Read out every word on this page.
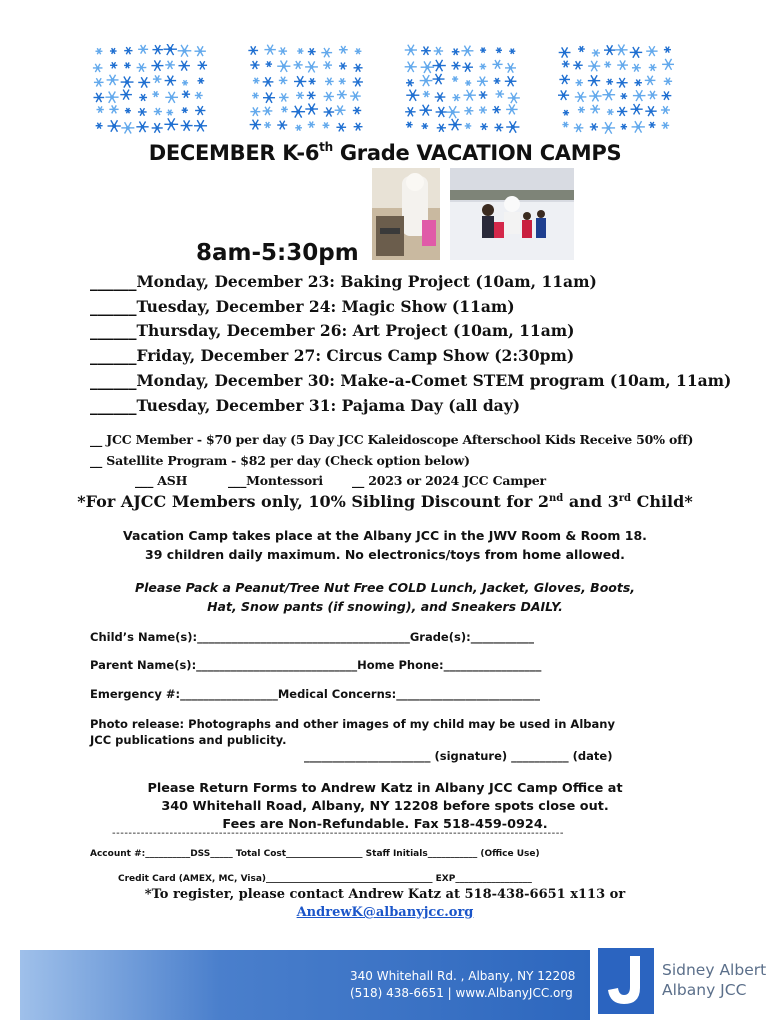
DECEMBER K-6th Grade VACATION CAMPS
8am-5:30pm
______Monday, December 23: Baking Project (10am, 11am)
______Tuesday, December 24: Magic Show (11am)
______Thursday, December 26: Art Project (10am, 11am)
______Friday, December 27: Circus Camp Show (2:30pm)
______Monday, December 30: Make-a-Comet STEM program (10am, 11am)
______Tuesday, December 31: Pajama Day (all day)
__ JCC Member - $70 per day (5 Day JCC Kaleidoscope Afterschool Kids Receive 50% off)
__ Satellite Program - $82 per day (Check option below)
___ ASH	___Montessori __ 2023 or 2024 JCC Camper
*For AJCC Members only, 10% Sibling Discount for 2nd and 3rd Child*
Vacation Camp takes place at the Albany JCC in the JWV Room & Room 18.
39 children daily maximum. No electronics/toys from home allowed.
Please Pack a Peanut/Tree Nut Free COLD Lunch, Jacket, Gloves, Boots,
Hat, Snow pants (if snowing), and Sneakers DAILY.
Child’s Name(s):_____________________________________Grade(s):___________
Parent Name(s):____________________________Home Phone:_________________
Emergency #:_________________Medical Concerns:_________________________
Photo release: Photographs and other images of my child may be used in Albany
JCC publications and publicity.
______________________ (signature) __________ (date)
Please Return Forms to Andrew Katz in Albany JCC Camp Office at
340 Whitehall Road, Albany, NY 12208 before spots close out.
Fees are Non-Refundable. Fax 518-459-0924.
--------------------------------------------------------------------------------------------------------------
Account #:__________DSS_____ Total Cost_________________ Staff Initials___________ (Office Use)
Credit Card (AMEX, MC, Visa)_____________________________________ EXP_________________
*To register, please contact Andrew Katz at 518-438-6651 x113 or
AndrewK@albanyjcc.org
340 Whitehall Rd. , Albany, NY 12208
(518) 438-6651 | www.AlbanyJCC.org
Sidney Albert
Albany JCC
